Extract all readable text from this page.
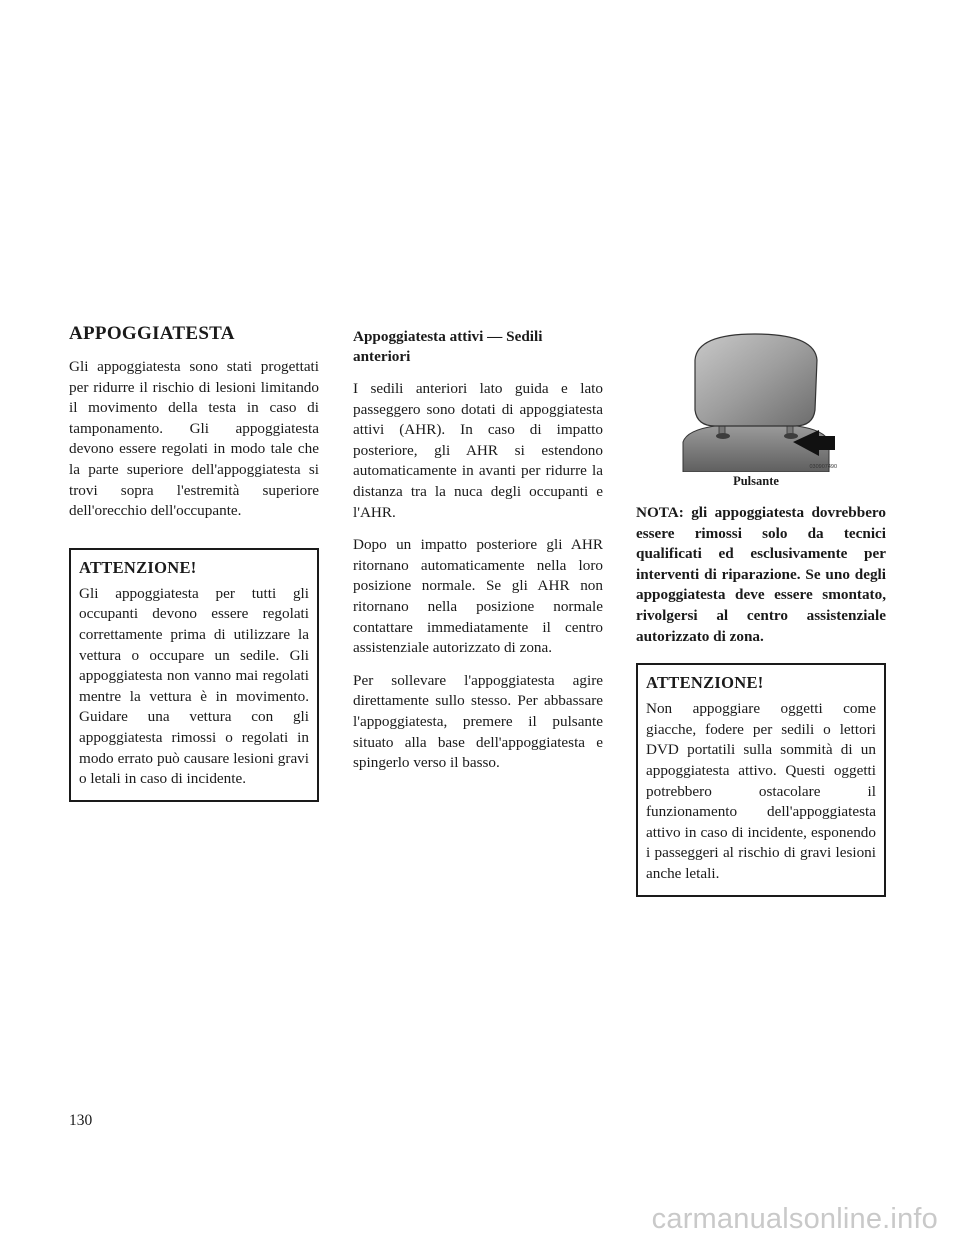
APPOGGIATESTA

Gli appoggiatesta sono stati progettati per ridurre il rischio di lesioni limitando il movimento della testa in caso di tamponamento. Gli appoggiatesta devono essere regolati in modo tale che la parte superiore dell'appoggiatesta si trovi sopra l'estremità superiore dell'orecchio dell'occupante.

ATTENZIONE!

Gli appoggiatesta per tutti gli occupanti devono essere regolati correttamente prima di utilizzare la vettura o occupare un sedile. Gli appoggiatesta non vanno mai regolati mentre la vettura è in movimento. Guidare una vettura con gli appoggiatesta rimossi o regolati in modo errato può causare lesioni gravi o letali in caso di incidente.

Appoggiatesta attivi — Sedili anteriori

I sedili anteriori lato guida e lato passeggero sono dotati di appoggiatesta attivi (AHR). In caso di impatto posteriore, gli AHR si estendono automaticamente in avanti per ridurre la distanza tra la nuca degli occupanti e l'AHR.

Dopo un impatto posteriore gli AHR ritornano automaticamente nella loro posizione normale. Se gli AHR non ritornano nella posizione normale contattare immediatamente il centro assistenziale autorizzato di zona.

Per sollevare l'appoggiatesta agire direttamente sullo stesso. Per abbassare l'appoggiatesta, premere il pulsante situato alla base dell'appoggiatesta e spingerlo verso il basso.

030907490
Pulsante

NOTA: gli appoggiatesta dovrebbero essere rimossi solo da tecnici qualificati ed esclusivamente per interventi di riparazione. Se uno degli appoggiatesta deve essere smontato, rivolgersi al centro assistenziale autorizzato di zona.

ATTENZIONE!

Non appoggiare oggetti come giacche, fodere per sedili o lettori DVD portatili sulla sommità di un appoggiatesta attivo. Questi oggetti potrebbero ostacolare il funzionamento dell'appoggiatesta attivo in caso di incidente, esponendo i passeggeri al rischio di gravi lesioni anche letali.

130
carmanualsonline.info
